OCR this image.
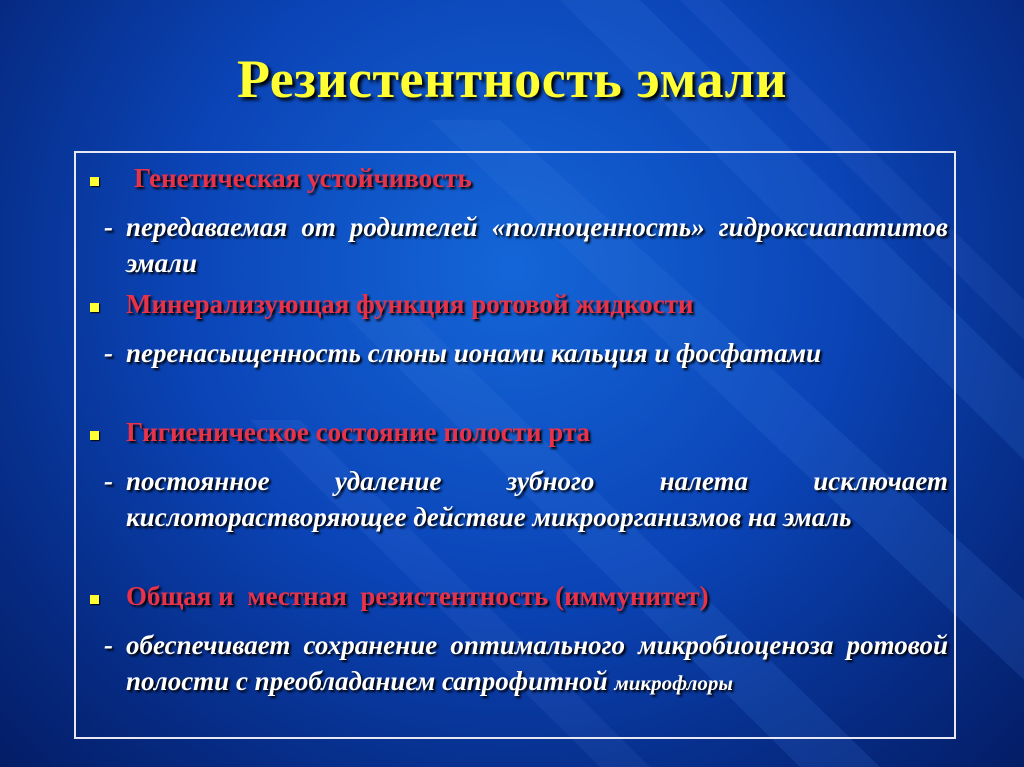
Резистентность эмали
Генетическая устойчивость
- передаваемая от родителей «полноценность» гидроксиапатитов эмали
Минерализующая функция ротовой жидкости
- перенасыщенность слюны ионами кальция и фосфатами
Гигиеническое состояние полости рта
- постоянное удаление зубного налета исключает кислоторастворяющее действие микроорганизмов на эмаль
Общая и  местная  резистентность (иммунитет)
- обеспечивает сохранение оптимального микробиоценоза ротовой полости с преобладанием сапрофитной микрофлоры
